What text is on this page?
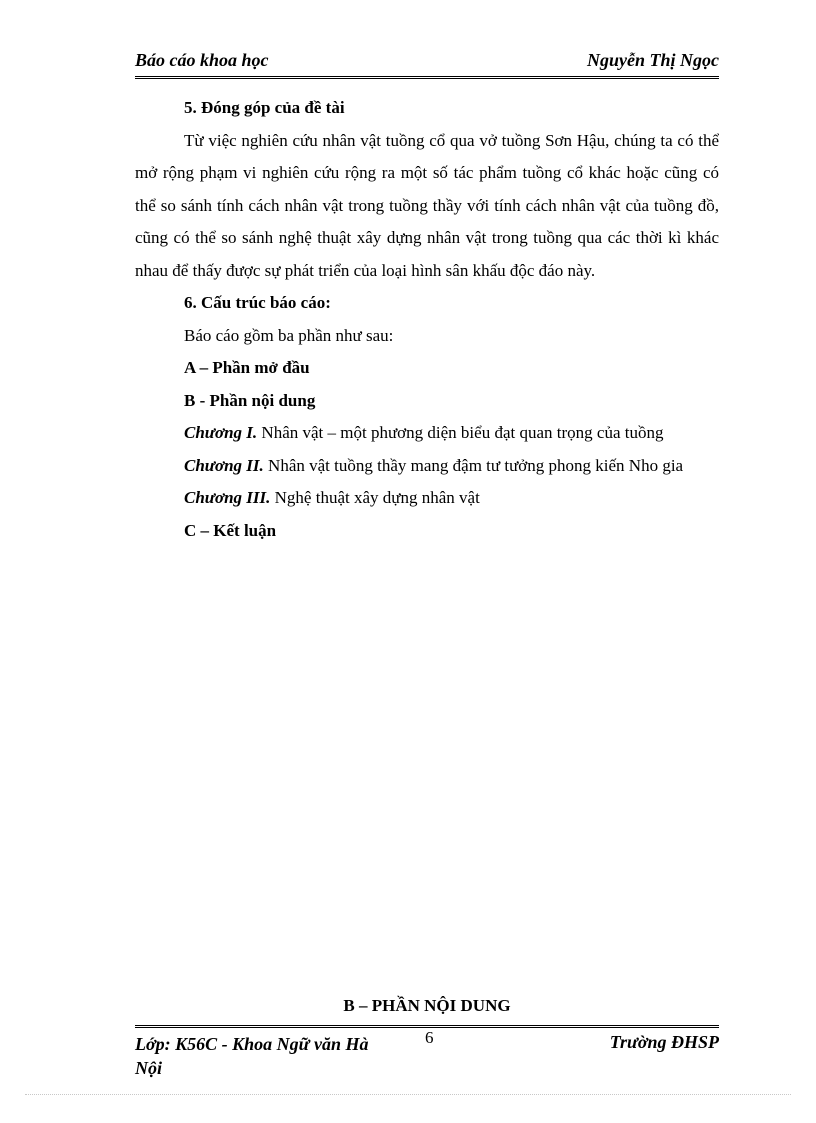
Báo cáo khoa học	Nguyễn Thị Ngọc

5. Đóng góp của đề tài

Từ việc nghiên cứu nhân vật tuồng cổ qua vở tuồng Sơn Hậu, chúng ta có thể mở rộng phạm vi nghiên cứu rộng ra một số tác phẩm tuồng cổ khác hoặc cũng có thể so sánh tính cách nhân vật trong tuồng thầy với tính cách nhân vật của tuồng đồ, cũng có thể so sánh nghệ thuật xây dựng nhân vật trong tuồng qua các thời kì khác nhau để thấy được sự phát triển của loại hình sân khấu độc đáo này.

6. Cấu trúc báo cáo:

Báo cáo gồm ba phần như sau:

A – Phần mở đầu

B - Phần nội dung

Chương I. Nhân vật – một phương diện biểu đạt quan trọng của tuồng

Chương II. Nhân vật tuồng thầy mang đậm tư tưởng phong kiến Nho gia

Chương III. Nghệ thuật xây dựng nhân vật

C – Kết luận

B – PHẦN NỘI DUNG
Lớp: K56C - Khoa Ngữ văn Hà Nội
6	Trường ĐHSP
